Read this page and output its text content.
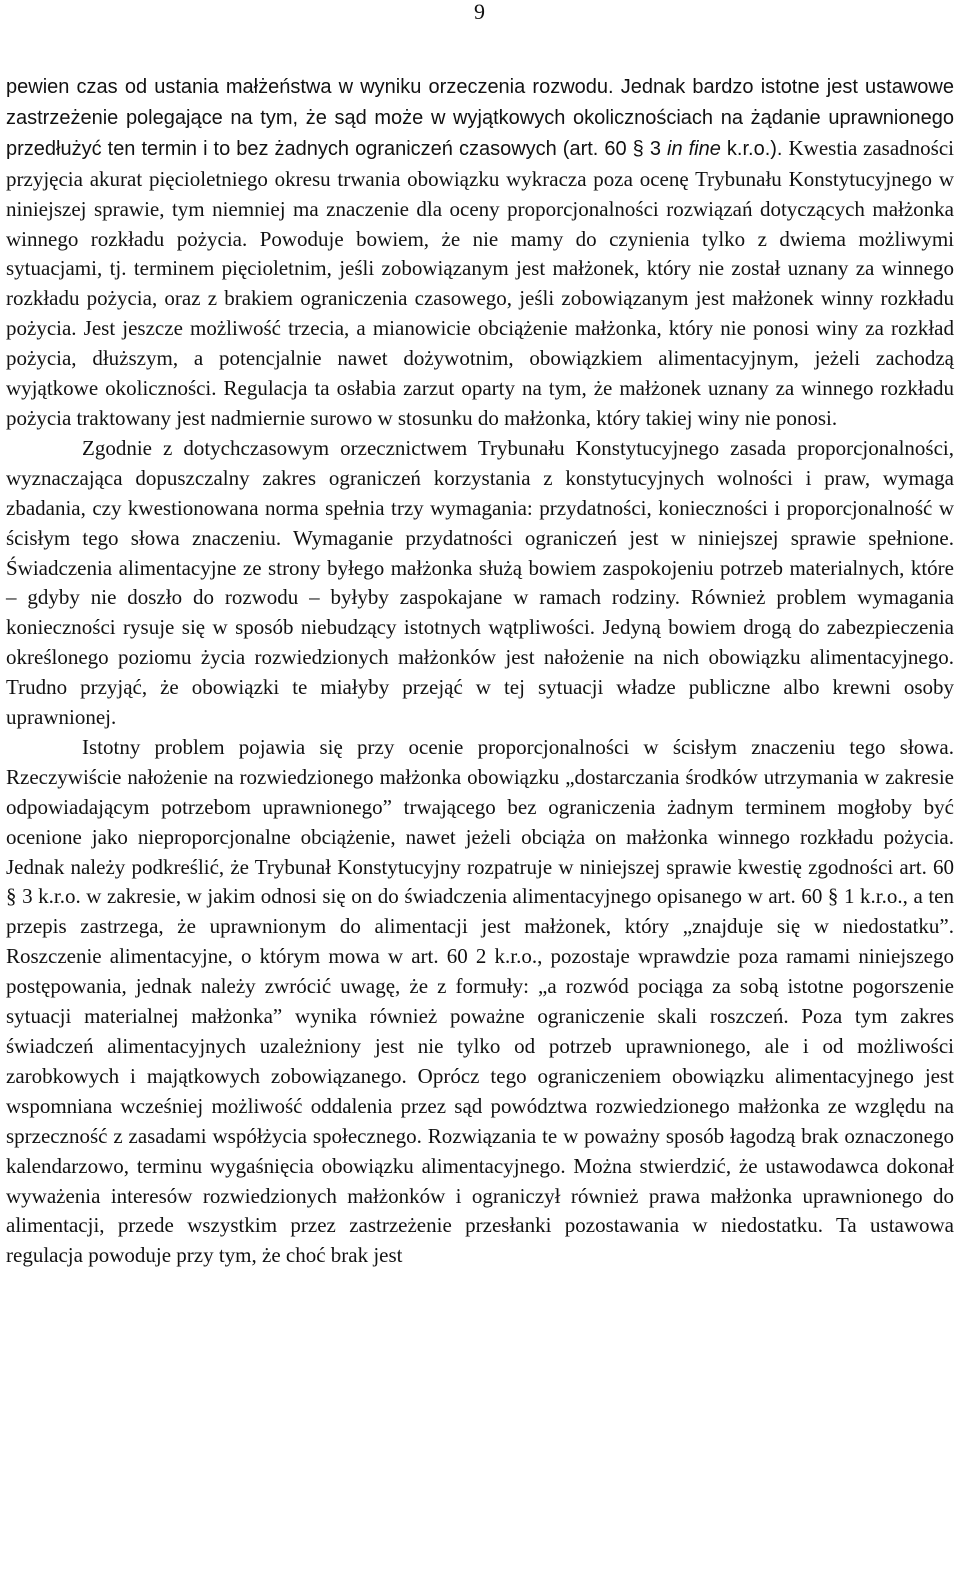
9

pewien czas od ustania małżeństwa w wyniku orzeczenia rozwodu. Jednak bardzo istotne jest ustawowe zastrzeżenie polegające na tym, że sąd może w wyjątkowych okolicznościach na żądanie uprawnionego przedłużyć ten termin i to bez żadnych ograniczeń czasowych (art. 60 § 3 in fine k.r.o.). Kwestia zasadności przyjęcia akurat pięcioletniego okresu trwania obowiązku wykracza poza ocenę Trybunału Konstytucyjnego w niniejszej sprawie, tym niemniej ma znaczenie dla oceny proporcjonalności rozwiązań dotyczących małżonka winnego rozkładu pożycia. Powoduje bowiem, że nie mamy do czynienia tylko z dwiema możliwymi sytuacjami, tj. terminem pięcioletnim, jeśli zobowiązanym jest małżonek, który nie został uznany za winnego rozkładu pożycia, oraz z brakiem ograniczenia czasowego, jeśli zobowiązanym jest małżonek winny rozkładu pożycia. Jest jeszcze możliwość trzecia, a mianowicie obciążenie małżonka, który nie ponosi winy za rozkład pożycia, dłuższym, a potencjalnie nawet dożywotnim, obowiązkiem alimentacyjnym, jeżeli zachodzą wyjątkowe okoliczności. Regulacja ta osłabia zarzut oparty na tym, że małżonek uznany za winnego rozkładu pożycia traktowany jest nadmiernie surowo w stosunku do małżonka, który takiej winy nie ponosi.

Zgodnie z dotychczasowym orzecznictwem Trybunału Konstytucyjnego zasada proporcjonalności, wyznaczająca dopuszczalny zakres ograniczeń korzystania z konstytucyjnych wolności i praw, wymaga zbadania, czy kwestionowana norma spełnia trzy wymagania: przydatności, konieczności i proporcjonalność w ścisłym tego słowa znaczeniu. Wymaganie przydatności ograniczeń jest w niniejszej sprawie spełnione. Świadczenia alimentacyjne ze strony byłego małżonka służą bowiem zaspokojeniu potrzeb materialnych, które – gdyby nie doszło do rozwodu – byłyby zaspokajane w ramach rodziny. Również problem wymagania konieczności rysuje się w sposób niebudzący istotnych wątpliwości. Jedyną bowiem drogą do zabezpieczenia określonego poziomu życia rozwiedzionych małżonków jest nałożenie na nich obowiązku alimentacyjnego. Trudno przyjąć, że obowiązki te miałyby przejąć w tej sytuacji władze publiczne albo krewni osoby uprawnionej.

Istotny problem pojawia się przy ocenie proporcjonalności w ścisłym znaczeniu tego słowa. Rzeczywiście nałożenie na rozwiedzionego małżonka obowiązku „dostarczania środków utrzymania w zakresie odpowiadającym potrzebom uprawnionego” trwającego bez ograniczenia żadnym terminem mogłoby być ocenione jako nieproporcjonalne obciążenie, nawet jeżeli obciąża on małżonka winnego rozkładu pożycia. Jednak należy podkreślić, że Trybunał Konstytucyjny rozpatruje w niniejszej sprawie kwestię zgodności art. 60 § 3 k.r.o. w zakresie, w jakim odnosi się on do świadczenia alimentacyjnego opisanego w art. 60 § 1 k.r.o., a ten przepis zastrzega, że uprawnionym do alimentacji jest małżonek, który „znajduje się w niedostatku”. Roszczenie alimentacyjne, o którym mowa w art. 60 2 k.r.o., pozostaje wprawdzie poza ramami niniejszego postępowania, jednak należy zwrócić uwagę, że z formuły: „a rozwód pociąga za sobą istotne pogorszenie sytuacji materialnej małżonka” wynika również poważne ograniczenie skali roszczeń. Poza tym zakres świadczeń alimentacyjnych uzależniony jest nie tylko od potrzeb uprawnionego, ale i od możliwości zarobkowych i majątkowych zobowiązanego. Oprócz tego ograniczeniem obowiązku alimentacyjnego jest wspomniana wcześniej możliwość oddalenia przez sąd powództwa rozwiedzionego małżonka ze względu na sprzeczność z zasadami współżycia społecznego. Rozwiązania te w poważny sposób łagodzą brak oznaczonego kalendarzowo, terminu wygaśnięcia obowiązku alimentacyjnego. Można stwierdzić, że ustawodawca dokonał wyważenia interesów rozwiedzionych małżonków i ograniczył również prawa małżonka uprawnionego do alimentacji, przede wszystkim przez zastrzeżenie przesłanki pozostawania w niedostatku. Ta ustawowa regulacja powoduje przy tym, że choć brak jest
